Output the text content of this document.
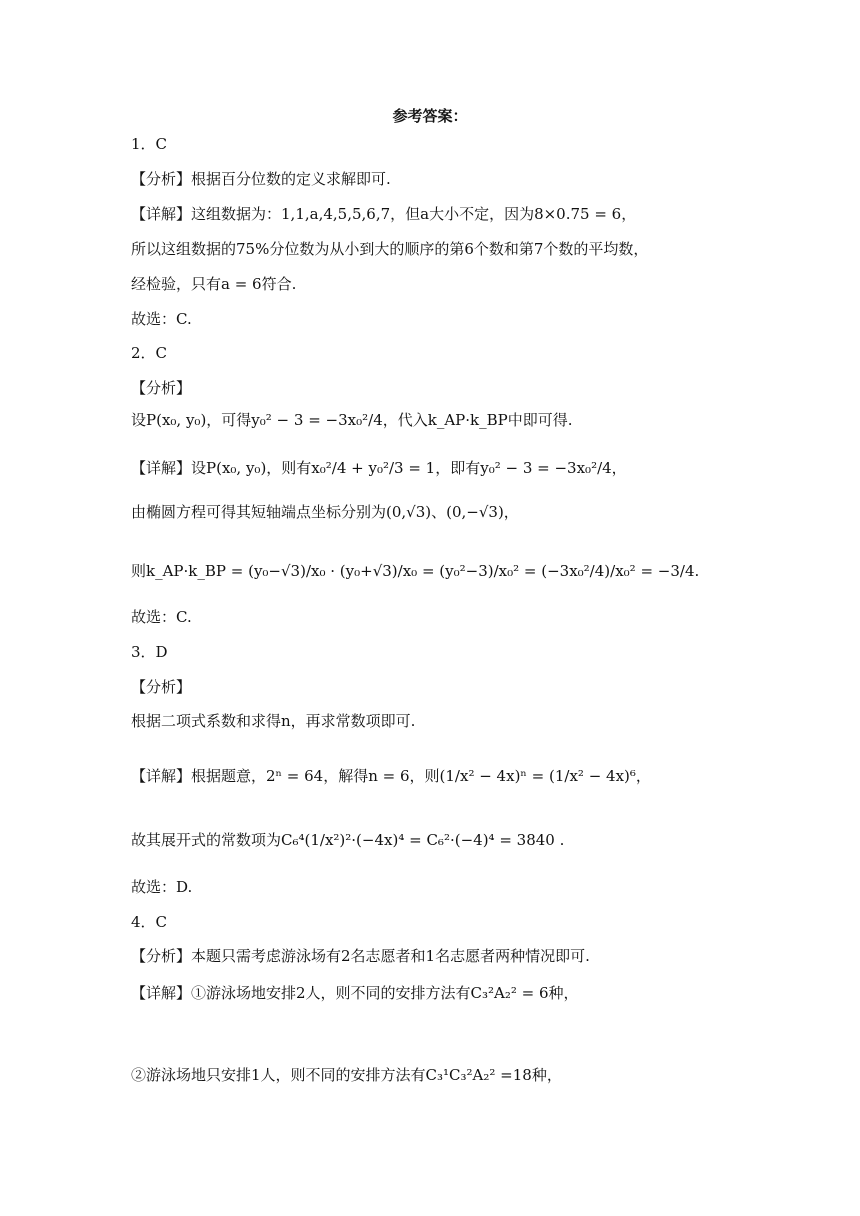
参考答案：
1．C
【分析】根据百分位数的定义求解即可.
【详解】这组数据为：1,1,a,4,5,5,6,7，但a大小不定，因为8×0.75 = 6，
所以这组数据的75%分位数为从小到大的顺序的第6个数和第7个数的平均数，
经检验，只有a = 6符合.
故选：C.
2．C
【分析】
设P(x₀, y₀)，可得y₀² − 3 = −3x₀²/4，代入k_AP·k_BP中即可得.
【详解】设P(x₀, y₀)，则有x₀²/4 + y₀²/3 = 1，即有y₀² − 3 = −3x₀²/4，
由椭圆方程可得其短轴端点坐标分别为(0,√3)、(0,−√3)，
则k_AP·k_BP = (y₀−√3)/x₀ · (y₀+√3)/x₀ = (y₀²−3)/x₀² = (−3x₀²/4)/x₀² = −3/4.
故选：C.
3．D
【分析】
根据二项式系数和求得n，再求常数项即可.
【详解】根据题意，2ⁿ = 64，解得n = 6，则(1/x² − 4x)ⁿ = (1/x² − 4x)⁶，
故其展开式的常数项为C₆⁴(1/x²)²·(−4x)⁴ = C₆²·(−4)⁴ = 3840 .
故选：D.
4．C
【分析】本题只需考虑游泳场有2名志愿者和1名志愿者两种情况即可.
【详解】①游泳场地安排2人，则不同的安排方法有C₃²A₂² = 6种，
②游泳场地只安排1人，则不同的安排方法有C₃¹C₃²A₂² =18种，
